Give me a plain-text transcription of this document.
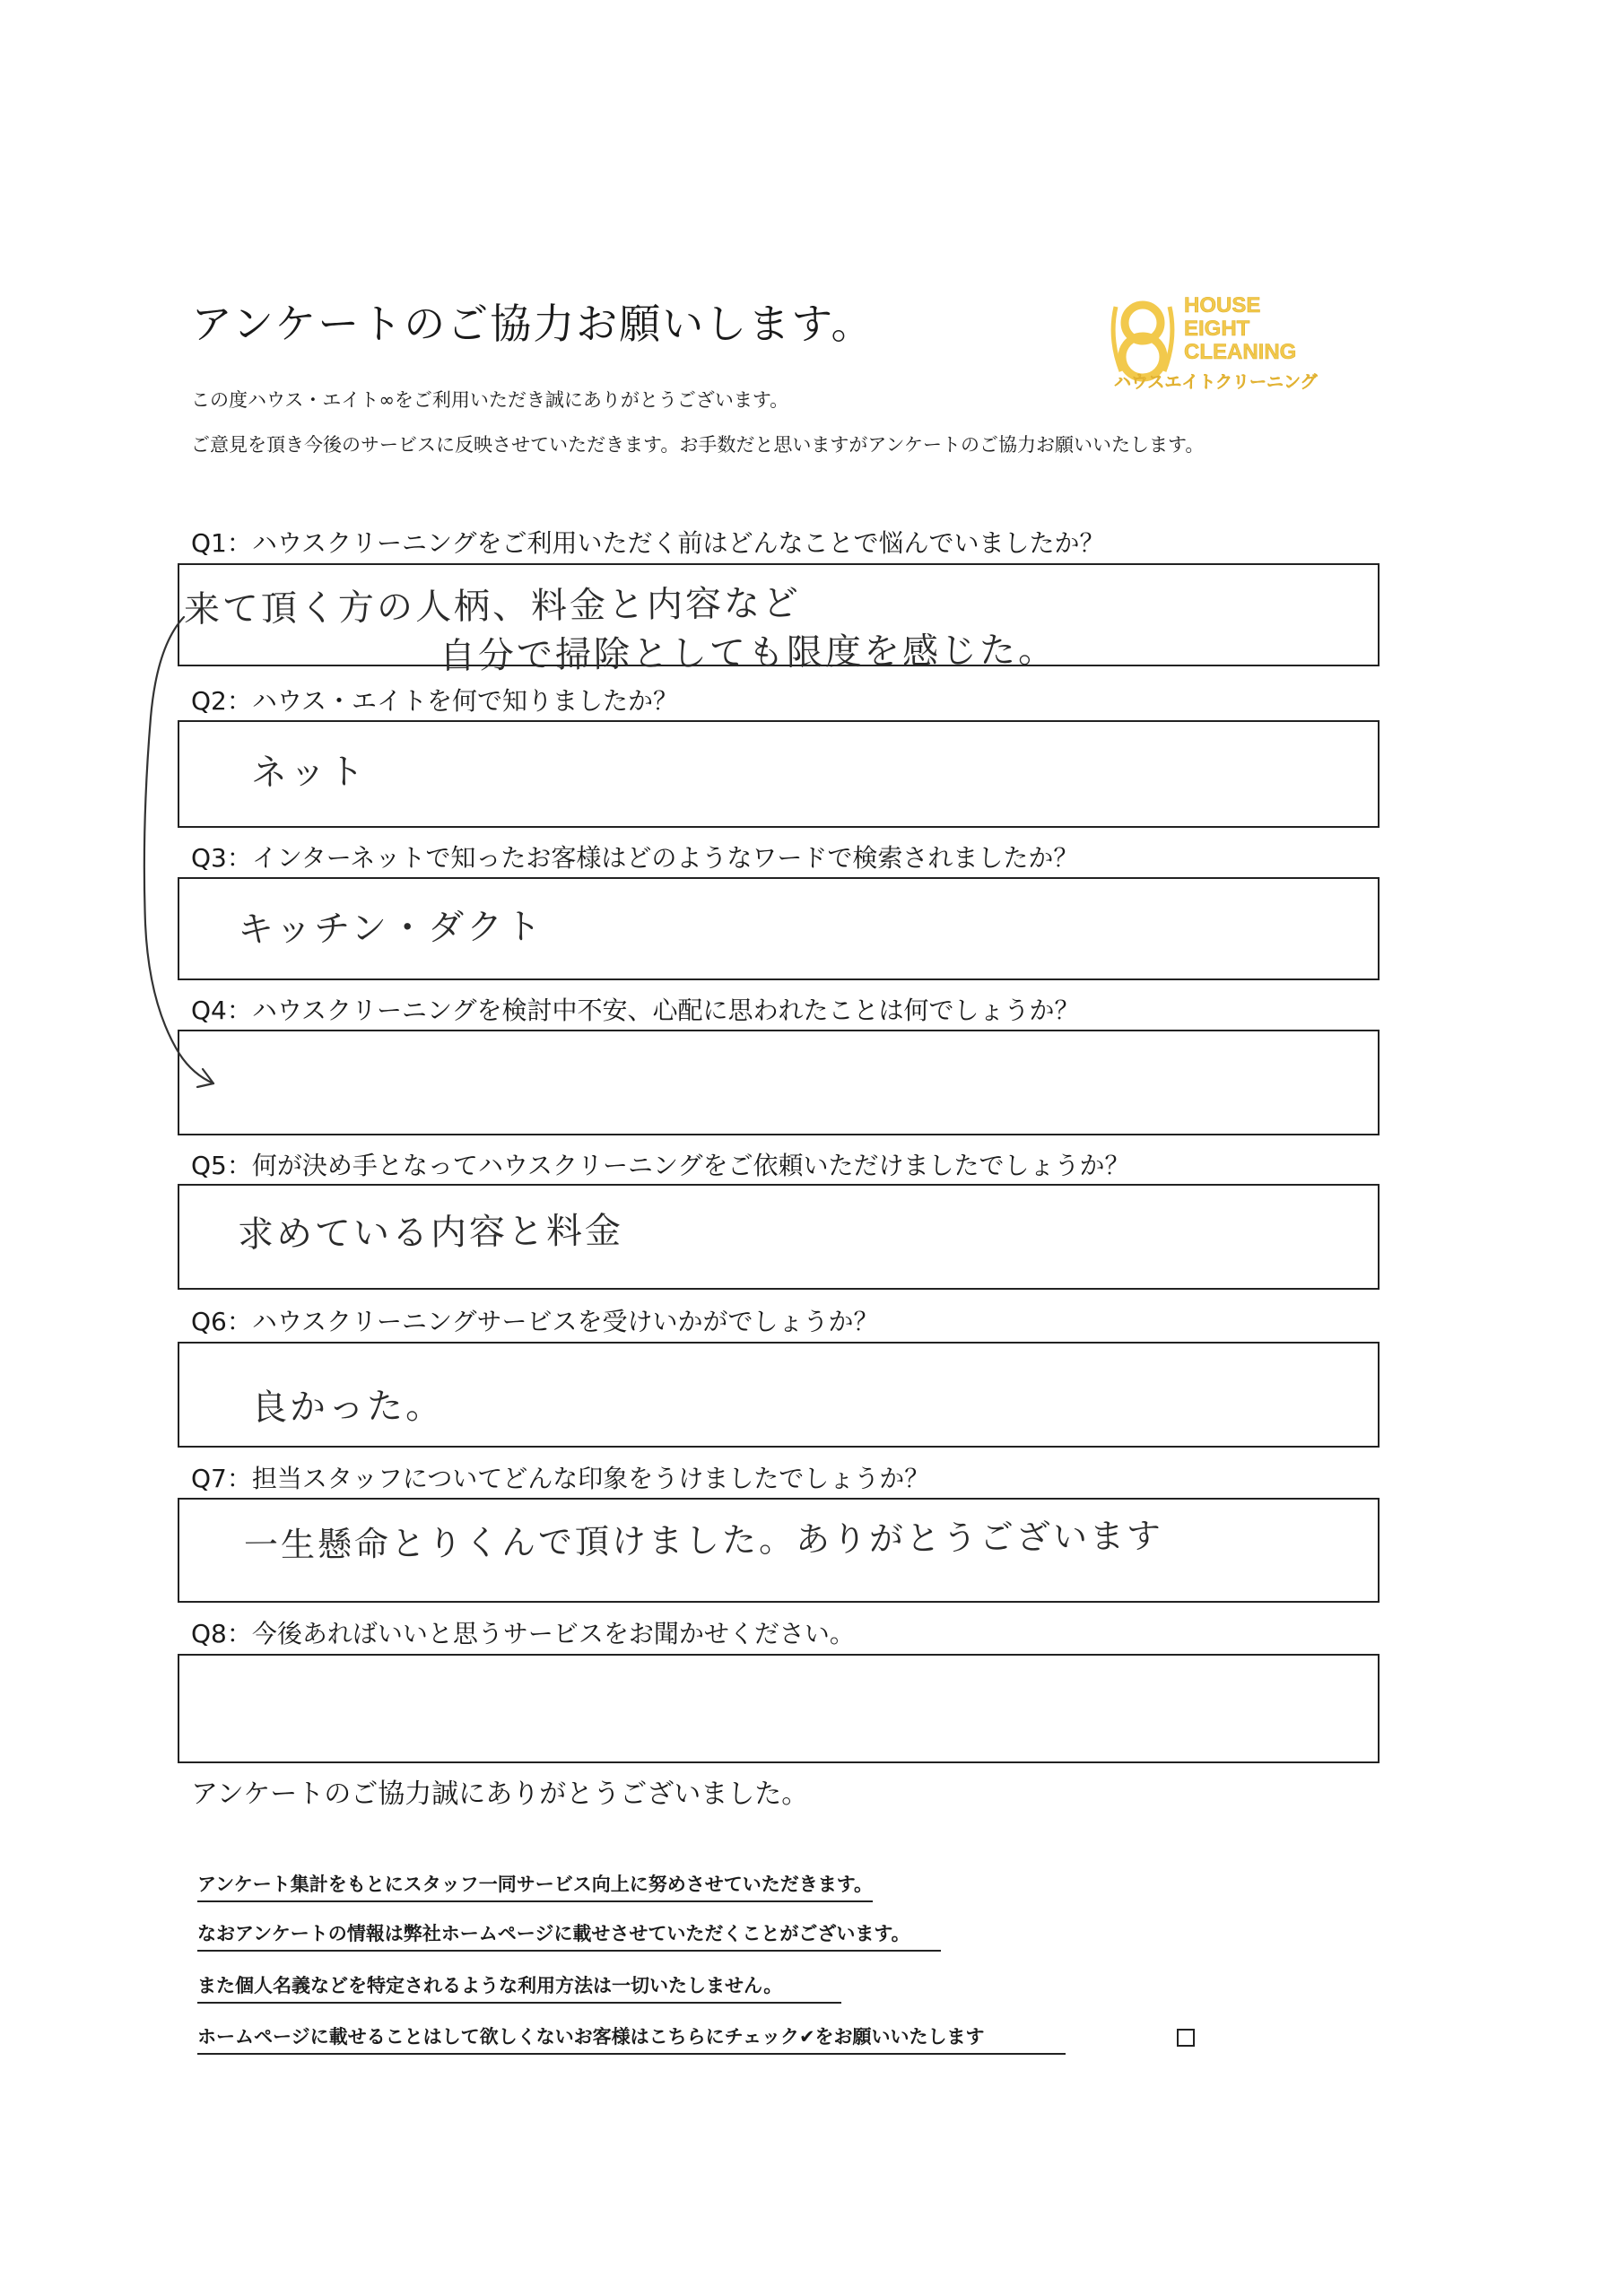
アンケートのご協力お願いします。	HOUSE
EIGHT
CLEANING
ハウスエイトクリーニング
この度ハウス・エイト∞をご利用いただき誠にありがとうございます。
ご意見を頂き今後のサービスに反映させていただきます。お手数だと思いますがアンケートのご協力お願いいたします。
Q1：ハウスクリーニングをご利用いただく前はどんなことで悩んでいましたか？
来て頂く方の人柄、料金と内容など
自分で掃除としても限度を感じた。
Q2：ハウス・エイトを何で知りましたか？
ネット
Q3：インターネットで知ったお客様はどのようなワードで検索されましたか？
キッチン・ダクト
Q4：ハウスクリーニングを検討中不安、心配に思われたことは何でしょうか？
Q5：何が決め手となってハウスクリーニングをご依頼いただけましたでしょうか？
求めている内容と料金
Q6：ハウスクリーニングサービスを受けいかがでしょうか？
良かった。
Q7：担当スタッフについてどんな印象をうけましたでしょうか？
一生懸命とりくんで頂けました。ありがとうございます
Q8：今後あればいいと思うサービスをお聞かせください。
アンケートのご協力誠にありがとうございました。
アンケート集計をもとにスタッフ一同サービス向上に努めさせていただきます。
なおアンケートの情報は弊社ホームページに載せさせていただくことがございます。
また個人名義などを特定されるような利用方法は一切いたしません。
ホームページに載せることはして欲しくないお客様はこちらにチェック✔をお願いいたします
